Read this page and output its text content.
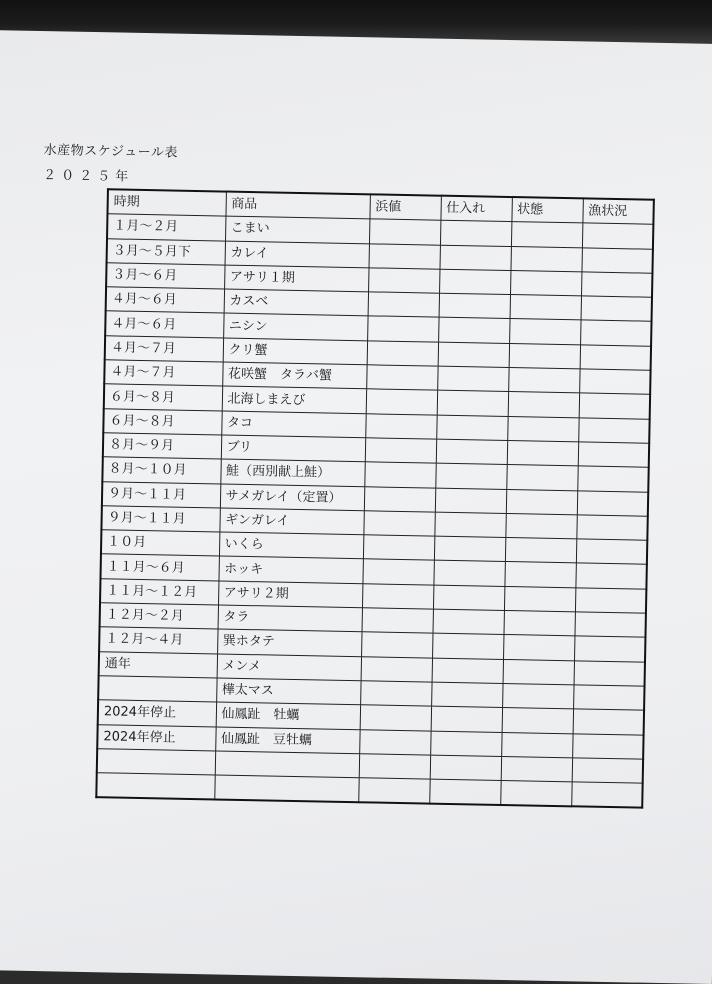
水産物スケジュール表
２０２５年
時期	商品	浜値	仕入れ	状態	漁状況
１月～２月	こまい				
３月～５月下	カレイ				
３月～６月	アサリ１期				
４月～６月	カスベ				
４月～６月	ニシン				
４月～７月	クリ蟹				
４月～７月	花咲蟹　タラバ蟹				
６月～８月	北海しまえび				
６月～８月	タコ				
８月～９月	ブリ				
８月～１０月	鮭（西別献上鮭）				
９月～１１月	サメガレイ（定置）				
９月～１１月	ギンガレイ				
１０月	いくら				
１１月～６月	ホッキ				
１１月～１２月	アサリ２期				
１２月～２月	タラ				
１２月～４月	巽ホタテ				
通年	メンメ				
	樺太マス				
2024年停止	仙鳳趾　牡蠣				
2024年停止	仙鳳趾　豆牡蠣				
